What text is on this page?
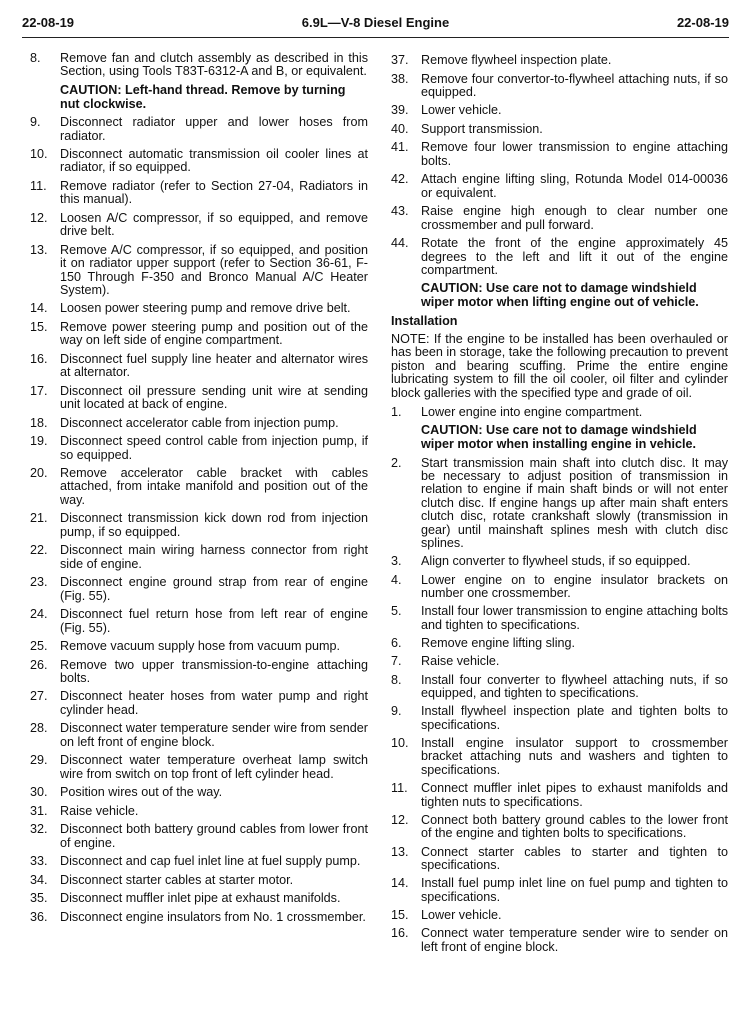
22-08-19	6.9L—V-8 Diesel Engine	22-08-19
8.	Remove fan and clutch assembly as described in this Section, using Tools T83T-6312-A and B, or equivalent.
CAUTION: Left-hand thread. Remove by turning nut clockwise.
9.	Disconnect radiator upper and lower hoses from radiator.
10. Disconnect automatic transmission oil cooler lines at radiator, if so equipped.
11.	Remove radiator (refer to Section 27-04, Radiators in this manual).
12. Loosen A/C compressor, if so equipped, and remove drive belt.
13. Remove A/C compressor, if so equipped, and position it on radiator upper support (refer to Section 36-61, F-150 Through F-350 and Bronco Manual A/C Heater System).
14. Loosen power steering pump and remove drive belt.
15. Remove power steering pump and position out of the way on left side of engine compartment.
16. Disconnect fuel supply line heater and alternator wires at alternator.
17. Disconnect oil pressure sending unit wire at sending unit located at back of engine.
18. Disconnect accelerator cable from injection pump.
19. Disconnect speed control cable from injection pump, if so equipped.
20. Remove accelerator cable bracket with cables attached, from intake manifold and position out of the way.
21. Disconnect transmission kick down rod from injection pump, if so equipped.
22. Disconnect main wiring harness connector from right side of engine.
23. Disconnect engine ground strap from rear of engine (Fig. 55).
24. Disconnect fuel return hose from left rear of engine (Fig. 55).
25. Remove vacuum supply hose from vacuum pump.
26. Remove two upper transmission-to-engine attaching bolts.
27. Disconnect heater hoses from water pump and right cylinder head.
28. Disconnect water temperature sender wire from sender on left front of engine block.
29. Disconnect water temperature overheat lamp switch wire from switch on top front of left cylinder head.
30. Position wires out of the way.
31. Raise vehicle.
32. Disconnect both battery ground cables from lower front of engine.
33. Disconnect and cap fuel inlet line at fuel supply pump.
34. Disconnect starter cables at starter motor.
35. Disconnect muffler inlet pipe at exhaust manifolds.
36. Disconnect engine insulators from No. 1 crossmember.
37. Remove flywheel inspection plate.
38. Remove four convertor-to-flywheel attaching nuts, if so equipped.
39. Lower vehicle.
40. Support transmission.
41. Remove four lower transmission to engine attaching bolts.
42. Attach engine lifting sling, Rotunda Model 014-00036 or equivalent.
43. Raise engine high enough to clear number one crossmember and pull forward.
44. Rotate the front of the engine approximately 45 degrees to the left and lift it out of the engine compartment.
CAUTION: Use care not to damage windshield wiper motor when lifting engine out of vehicle.
Installation
NOTE: If the engine to be installed has been overhauled or has been in storage, take the following precaution to prevent piston and bearing scuffing. Prime the entire engine lubricating system to fill the oil cooler, oil filter and cylinder block galleries with the specified type and grade of oil.
1.	Lower engine into engine compartment.
CAUTION: Use care not to damage windshield wiper motor when installing engine in vehicle.
2.	Start transmission main shaft into clutch disc. It may be necessary to adjust position of transmission in relation to engine if main shaft binds or will not enter clutch disc. If engine hangs up after main shaft enters clutch disc, rotate crankshaft slowly (transmission in gear) until mainshaft splines mesh with clutch disc splines.
3.	Align converter to flywheel studs, if so equipped.
4.	Lower engine on to engine insulator brackets on number one crossmember.
5.	Install four lower transmission to engine attaching bolts and tighten to specifications.
6.	Remove engine lifting sling.
7.	Raise vehicle.
8.	Install four converter to flywheel attaching nuts, if so equipped, and tighten to specifications.
9.	Install flywheel inspection plate and tighten bolts to specifications.
10. Install engine insulator support to crossmember bracket attaching nuts and washers and tighten to specifications.
11.	Connect muffler inlet pipes to exhaust manifolds and tighten nuts to specifications.
12. Connect both battery ground cables to the lower front of the engine and tighten bolts to specifications.
13. Connect starter cables to starter and tighten to specifications.
14. Install fuel pump inlet line on fuel pump and tighten to specifications.
15. Lower vehicle.
16. Connect water temperature sender wire to sender on left front of engine block.
